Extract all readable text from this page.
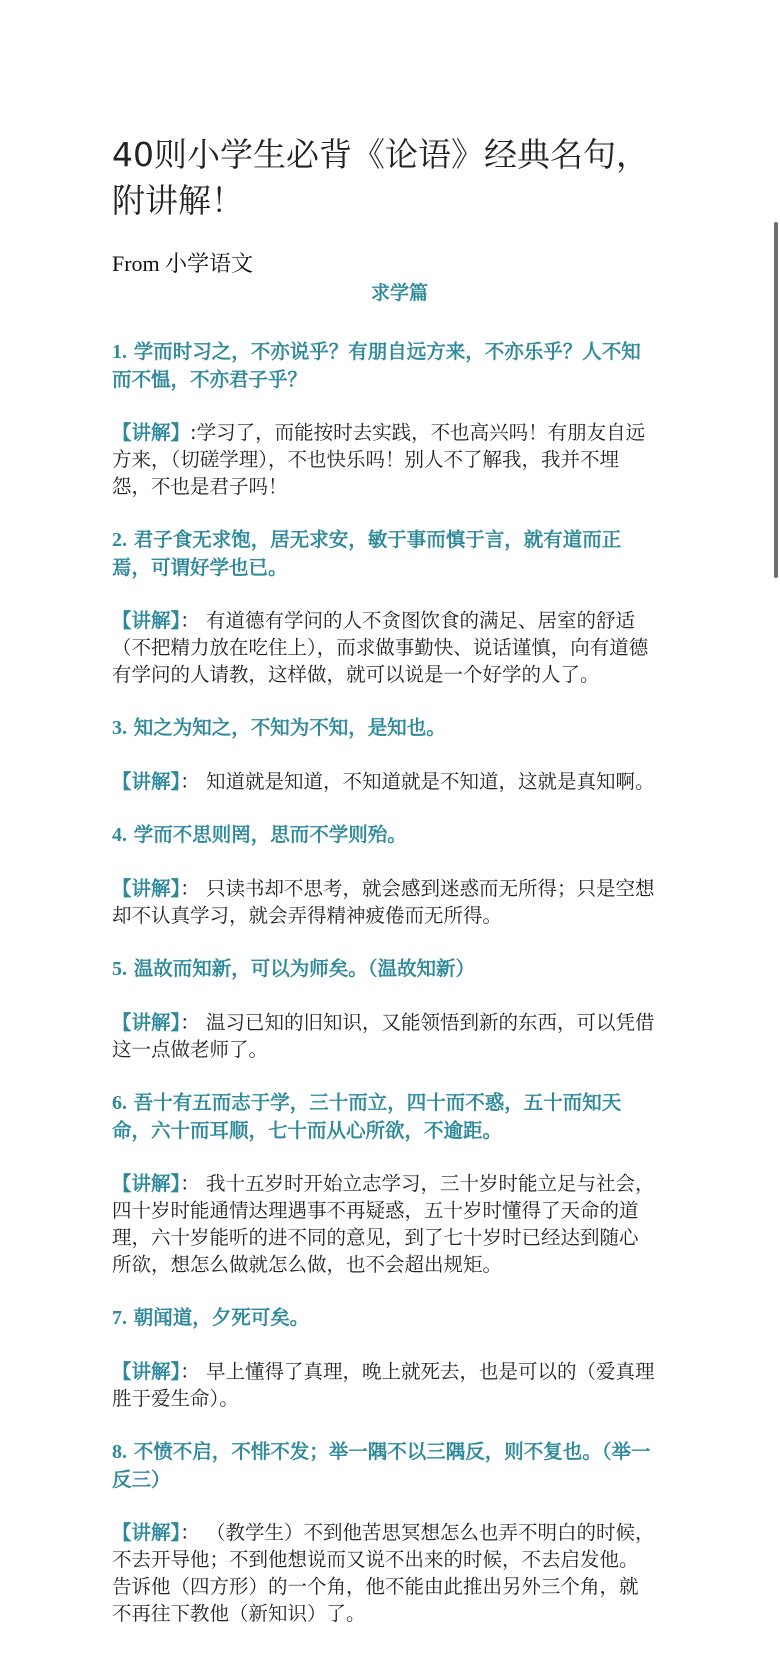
40则小学生必背《论语》经典名句，附讲解！
From 小学语文
求学篇
1. 学而时习之，不亦说乎？有朋自远方来，不亦乐乎？人不知而不愠，不亦君子乎？
【讲解】:学习了，而能按时去实践，不也高兴吗！有朋友自远方来，（切磋学理），不也快乐吗！别人不了解我，我并不埋怨，不也是君子吗！
2. 君子食无求饱，居无求安，敏于事而慎于言，就有道而正焉，可谓好学也已。
【讲解】： 有道德有学问的人不贪图饮食的满足、居室的舒适（不把精力放在吃住上），而求做事勤快、说话谨慎，向有道德有学问的人请教，这样做，就可以说是一个好学的人了。
3. 知之为知之，不知为不知，是知也。
【讲解】： 知道就是知道，不知道就是不知道，这就是真知啊。
4. 学而不思则罔，思而不学则殆。
【讲解】： 只读书却不思考，就会感到迷惑而无所得；只是空想却不认真学习，就会弄得精神疲倦而无所得。
5. 温故而知新，可以为师矣。（温故知新）
【讲解】： 温习已知的旧知识，又能领悟到新的东西，可以凭借这一点做老师了。
6. 吾十有五而志于学，三十而立，四十而不惑，五十而知天命，六十而耳顺，七十而从心所欲，不逾距。
【讲解】： 我十五岁时开始立志学习，三十岁时能立足与社会，四十岁时能通情达理遇事不再疑惑，五十岁时懂得了天命的道理，六十岁能听的进不同的意见，到了七十岁时已经达到随心所欲，想怎么做就怎么做，也不会超出规矩。
7. 朝闻道，夕死可矣。
【讲解】： 早上懂得了真理，晚上就死去，也是可以的（爱真理胜于爱生命）。
8. 不愤不启，不悱不发；举一隅不以三隅反，则不复也。（举一反三）
【讲解】： （教学生）不到他苦思冥想怎么也弄不明白的时候，不去开导他；不到他想说而又说不出来的时候，不去启发他。告诉他（四方形）的一个角，他不能由此推出另外三个角，就不再往下教他（新知识）了。
